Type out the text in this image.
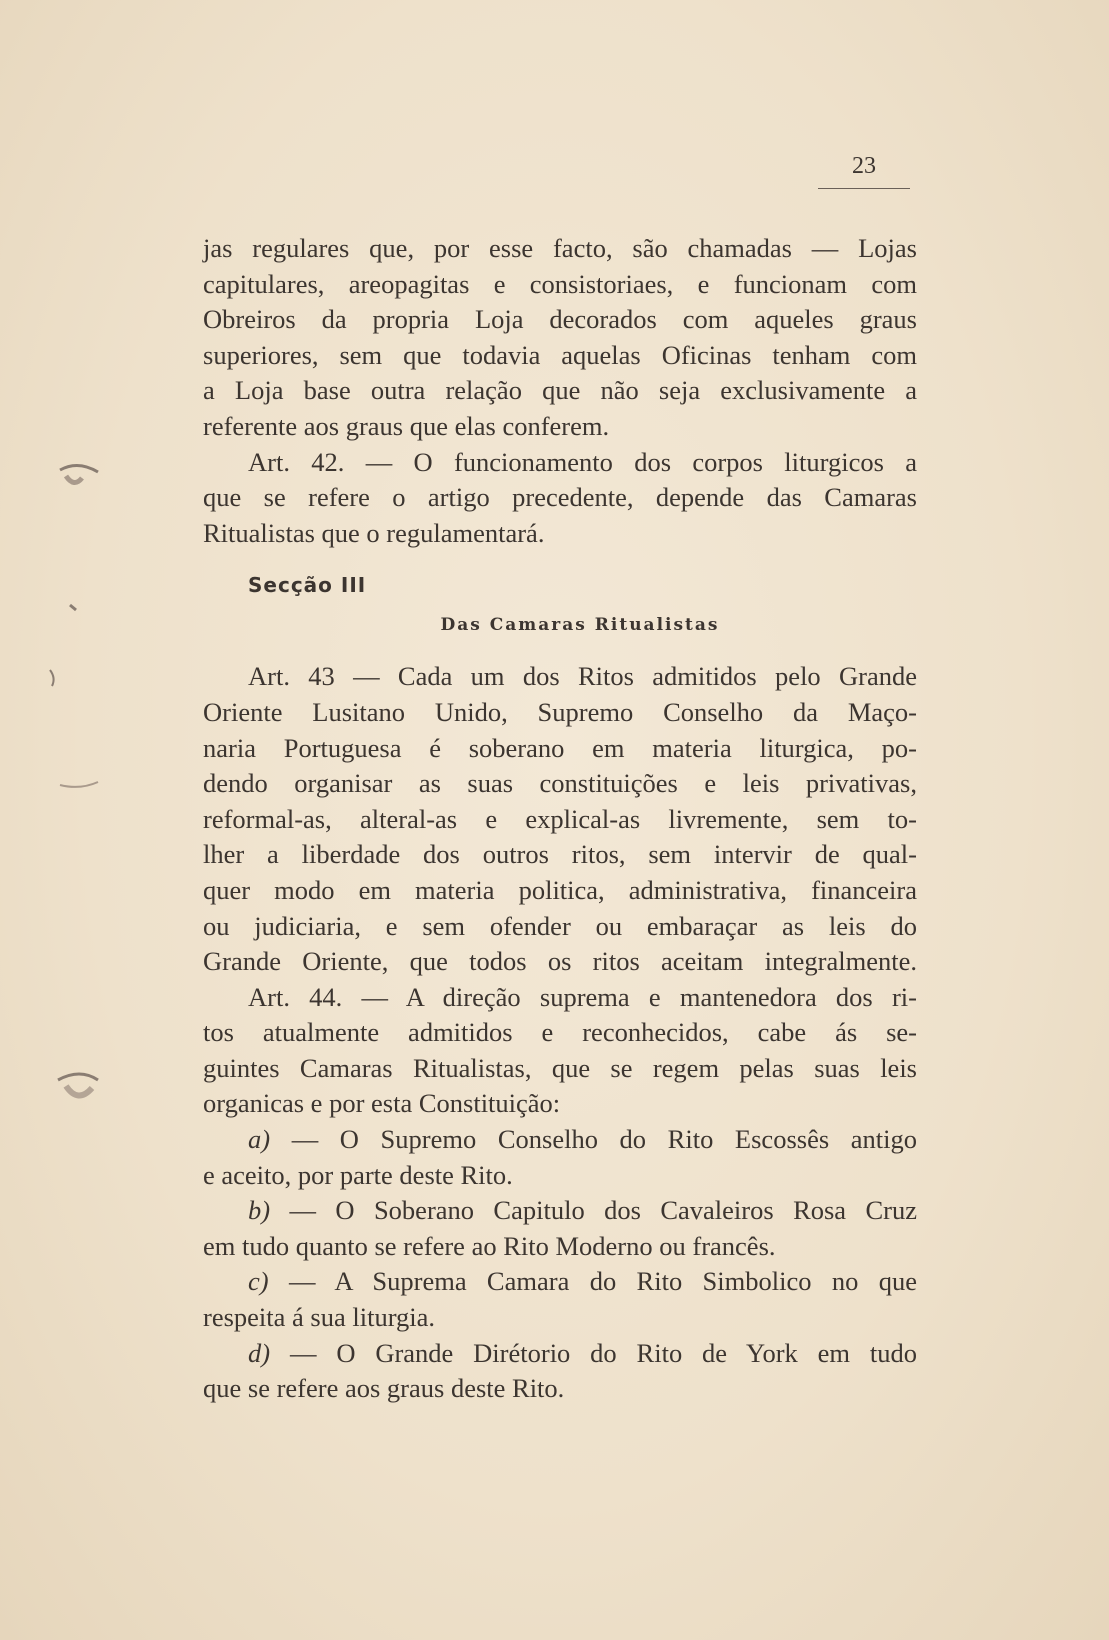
23
jas regulares que, por esse facto, são chamadas — Lojas
capitulares, areopagitas e consistoriaes, e funcionam com
Obreiros da propria Loja decorados com aqueles graus
superiores, sem que todavia aquelas Oficinas tenham com
a Loja base outra relação que não seja exclusivamente a
referente aos graus que elas conferem.
Art. 42. — O funcionamento dos corpos liturgicos a
que se refere o artigo precedente, depende das Camaras
Ritualistas que o regulamentará.
Secção III
Das Camaras Ritualistas
Art. 43 — Cada um dos Ritos admitidos pelo Grande
Oriente Lusitano Unido, Supremo Conselho da Maço-
naria Portuguesa é soberano em materia liturgica, po-
dendo organisar as suas constituições e leis privativas,
reformal-as, alteral-as e explical-as livremente, sem to-
lher a liberdade dos outros ritos, sem intervir de qual-
quer modo em materia politica, administrativa, financeira
ou judiciaria, e sem ofender ou embaraçar as leis do
Grande Oriente, que todos os ritos aceitam integralmente.
Art. 44. — A direção suprema e mantenedora dos ri-
tos atualmente admitidos e reconhecidos, cabe ás se-
guintes Camaras Ritualistas, que se regem pelas suas leis
organicas e por esta Constituição:
a) — O Supremo Conselho do Rito Escossês antigo
e aceito, por parte deste Rito.
b) — O Soberano Capitulo dos Cavaleiros Rosa Cruz
em tudo quanto se refere ao Rito Moderno ou francês.
c) — A Suprema Camara do Rito Simbolico no que
respeita á sua liturgia.
d) — O Grande Dirétorio do Rito de York em tudo
que se refere aos graus deste Rito.
